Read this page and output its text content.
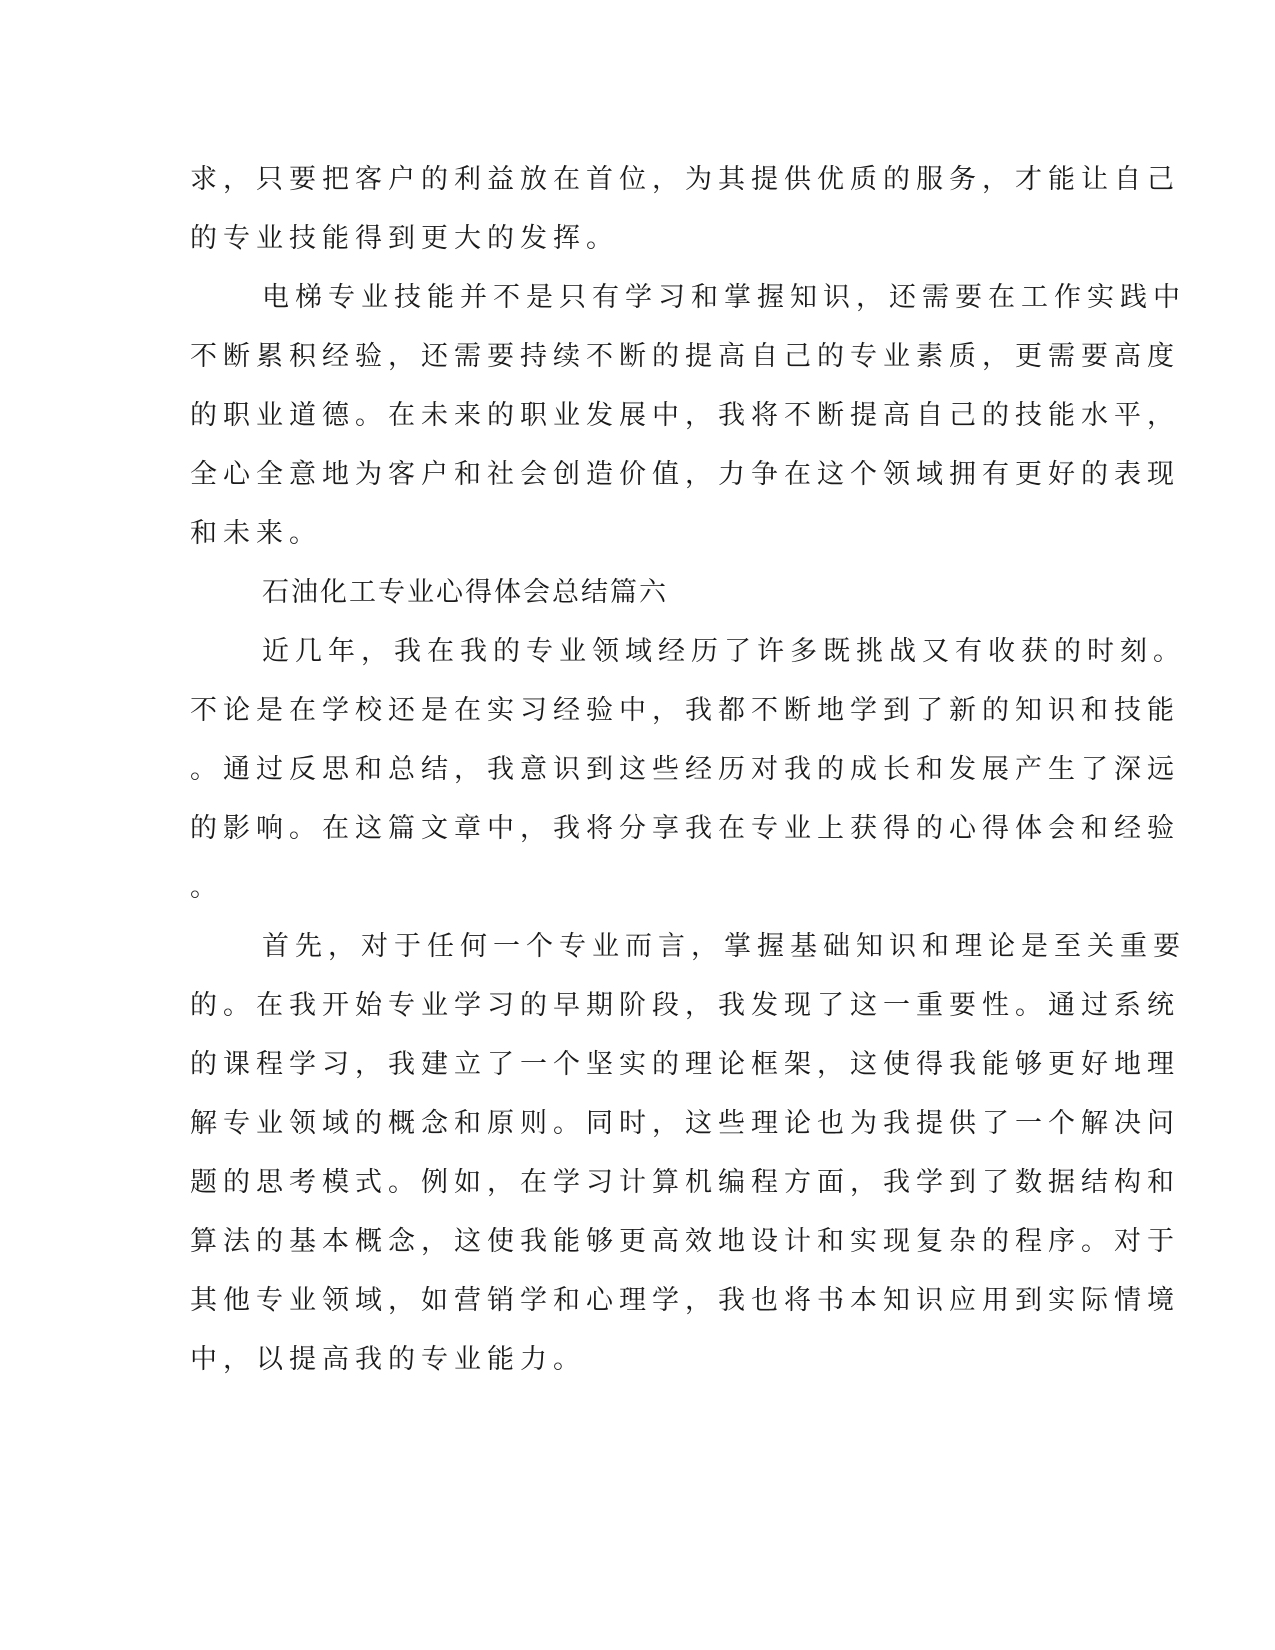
求，只要把客户的利益放在首位，为其提供优质的服务，才能让自己
的专业技能得到更大的发挥。
电梯专业技能并不是只有学习和掌握知识，还需要在工作实践中
不断累积经验，还需要持续不断的提高自己的专业素质，更需要高度
的职业道德。在未来的职业发展中，我将不断提高自己的技能水平，
全心全意地为客户和社会创造价值，力争在这个领域拥有更好的表现
和未来。
石油化工专业心得体会总结篇六
近几年，我在我的专业领域经历了许多既挑战又有收获的时刻。
不论是在学校还是在实习经验中，我都不断地学到了新的知识和技能
。通过反思和总结，我意识到这些经历对我的成长和发展产生了深远
的影响。在这篇文章中，我将分享我在专业上获得的心得体会和经验
。
首先，对于任何一个专业而言，掌握基础知识和理论是至关重要
的。在我开始专业学习的早期阶段，我发现了这一重要性。通过系统
的课程学习，我建立了一个坚实的理论框架，这使得我能够更好地理
解专业领域的概念和原则。同时，这些理论也为我提供了一个解决问
题的思考模式。例如，在学习计算机编程方面，我学到了数据结构和
算法的基本概念，这使我能够更高效地设计和实现复杂的程序。对于
其他专业领域，如营销学和心理学，我也将书本知识应用到实际情境
中，以提高我的专业能力。
